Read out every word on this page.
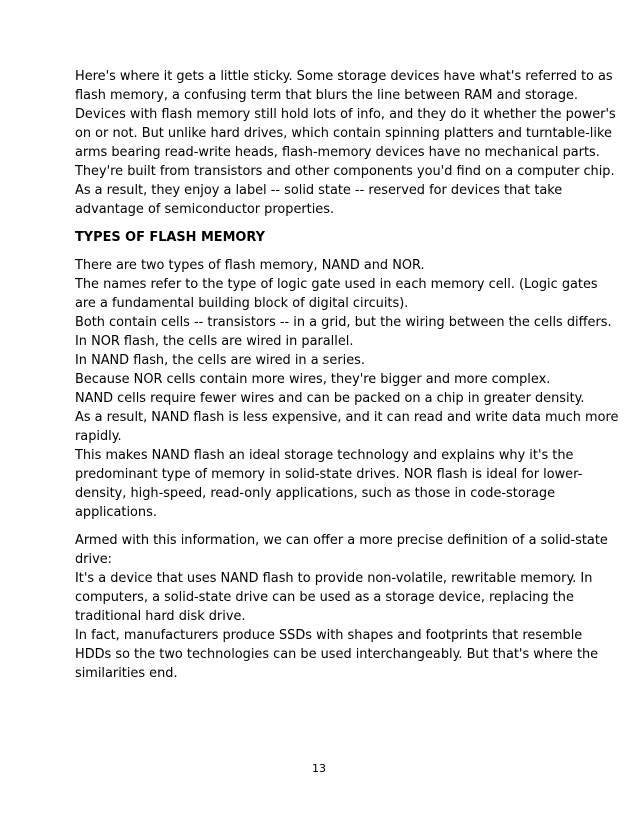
Here's where it gets a little sticky. Some storage devices have what's referred to as
flash memory, a confusing term that blurs the line between RAM and storage.
Devices with flash memory still hold lots of info, and they do it whether the power's
on or not. But unlike hard drives, which contain spinning platters and turntable-like
arms bearing read-write heads, flash-memory devices have no mechanical parts.
They're built from transistors and other components you'd find on a computer chip.
As a result, they enjoy a label -- solid state -- reserved for devices that take
advantage of semiconductor properties.
TYPES OF FLASH MEMORY
There are two types of flash memory, NAND and NOR.
The names refer to the type of logic gate used in each memory cell. (Logic gates
are a fundamental building block of digital circuits).
Both contain cells -- transistors -- in a grid, but the wiring between the cells differs.
In NOR flash, the cells are wired in parallel.
In NAND flash, the cells are wired in a series.
Because NOR cells contain more wires, they're bigger and more complex.
NAND cells require fewer wires and can be packed on a chip in greater density.
As a result, NAND flash is less expensive, and it can read and write data much more
rapidly.
This makes NAND flash an ideal storage technology and explains why it's the
predominant type of memory in solid-state drives. NOR flash is ideal for lower-
density, high-speed, read-only applications, such as those in code-storage
applications.
Armed with this information, we can offer a more precise definition of a solid-state
drive:
It's a device that uses NAND flash to provide non-volatile, rewritable memory. In
computers, a solid-state drive can be used as a storage device, replacing the
traditional hard disk drive.
In fact, manufacturers produce SSDs with shapes and footprints that resemble
HDDs so the two technologies can be used interchangeably. But that's where the
similarities end.
13
